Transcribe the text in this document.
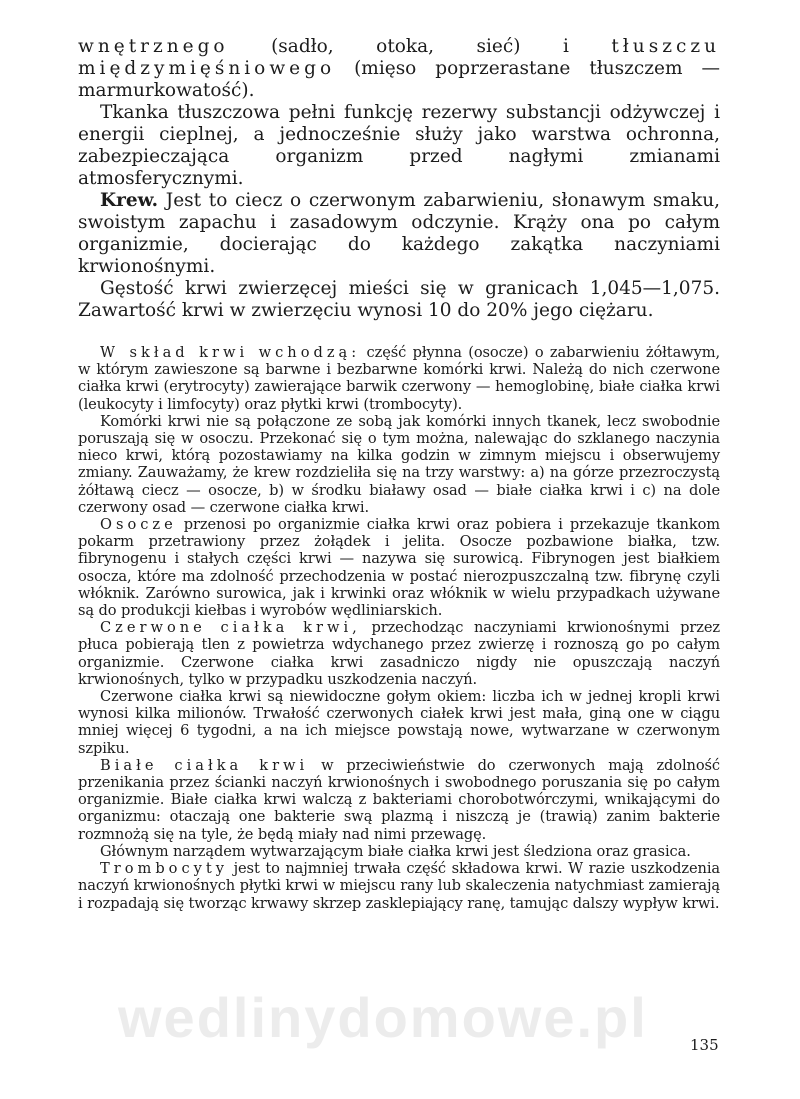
wedlinydomowe.pl

wnętrznego (sadło, otoka, sieć) i tłuszczu międzymięśniowego (mięso poprzerastane tłuszczem — marmurkowatość).

Tkanka tłuszczowa pełni funkcję rezerwy substancji odżywczej i energii cieplnej, a jednocześnie służy jako warstwa ochronna, zabezpieczająca organizm przed nagłymi zmianami atmosferycznymi.

Krew. Jest to ciecz o czerwonym zabarwieniu, słonawym smaku, swoistym zapachu i zasadowym odczynie. Krąży ona po całym organizmie, docierając do każdego zakątka naczyniami krwionośnymi.

Gęstość krwi zwierzęcej mieści się w granicach 1,045—1,075. Zawartość krwi w zwierzęciu wynosi 10 do 20% jego ciężaru.

W skład krwi wchodzą: część płynna (osocze) o zabarwieniu żółtawym, w którym zawieszone są barwne i bezbarwne komórki krwi. Należą do nich czerwone ciałka krwi (erytrocyty) zawierające barwik czerwony — hemoglobinę, białe ciałka krwi (leukocyty i limfocyty) oraz płytki krwi (trombocyty).

Komórki krwi nie są połączone ze sobą jak komórki innych tkanek, lecz swobodnie poruszają się w osoczu. Przekonać się o tym można, nalewając do szklanego naczynia nieco krwi, którą pozostawiamy na kilka godzin w zimnym miejscu i obserwujemy zmiany. Zauważamy, że krew rozdzieliła się na trzy warstwy: a) na górze przezroczystą żółtawą ciecz — osocze, b) w środku białawy osad — białe ciałka krwi i c) na dole czerwony osad — czerwone ciałka krwi.

Osocze przenosi po organizmie ciałka krwi oraz pobiera i przekazuje tkankom pokarm przetrawiony przez żołądek i jelita. Osocze pozbawione białka, tzw. fibrynogenu i stałych części krwi — nazywa się surowicą. Fibrynogen jest białkiem osocza, które ma zdolność przechodzenia w postać nierozpuszczalną tzw. fibrynę czyli włóknik. Zarówno surowica, jak i krwinki oraz włóknik w wielu przypadkach używane są do produkcji kiełbas i wyrobów wędliniarskich.

Czerwone ciałka krwi, przechodząc naczyniami krwionośnymi przez płuca pobierają tlen z powietrza wdychanego przez zwierzę i roznoszą go po całym organizmie. Czerwone ciałka krwi zasadniczo nigdy nie opuszczają naczyń krwionośnych, tylko w przypadku uszkodzenia naczyń.

Czerwone ciałka krwi są niewidoczne gołym okiem: liczba ich w jednej kropli krwi wynosi kilka milionów. Trwałość czerwonych ciałek krwi jest mała, giną one w ciągu mniej więcej 6 tygodni, a na ich miejsce powstają nowe, wytwarzane w czerwonym szpiku.

Białe ciałka krwi w przeciwieństwie do czerwonych mają zdolność przenikania przez ścianki naczyń krwionośnych i swobodnego poruszania się po całym organizmie. Białe ciałka krwi walczą z bakteriami chorobotwórczymi, wnikającymi do organizmu: otaczają one bakterie swą plazmą i niszczą je (trawią) zanim bakterie rozmnożą się na tyle, że będą miały nad nimi przewagę.

Głównym narządem wytwarzającym białe ciałka krwi jest śledziona oraz grasica.

Trombocyty jest to najmniej trwała część składowa krwi. W razie uszkodzenia naczyń krwionośnych płytki krwi w miejscu rany lub skaleczenia natychmiast zamierają i rozpadają się tworząc krwawy skrzep zasklepiający ranę, tamując dalszy wypływ krwi.

135
